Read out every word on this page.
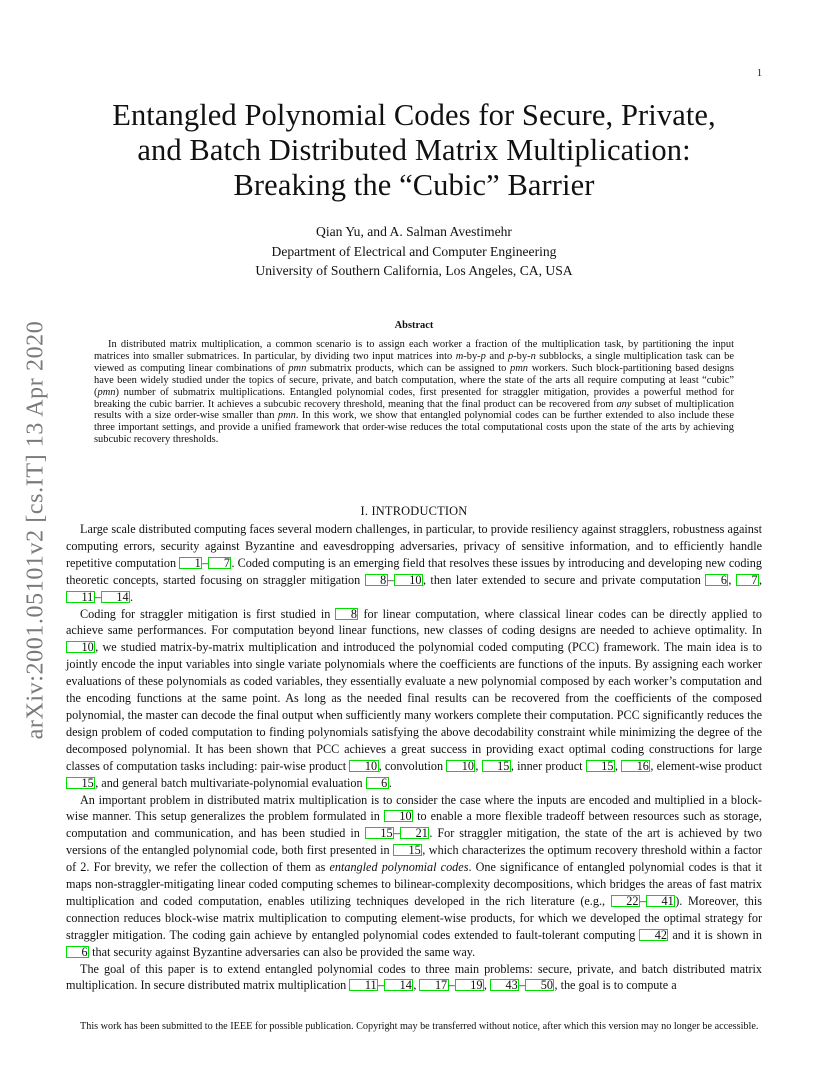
1
Entangled Polynomial Codes for Secure, Private,
and Batch Distributed Matrix Multiplication:
Breaking the “Cubic” Barrier
Qian Yu, and A. Salman Avestimehr
Department of Electrical and Computer Engineering
University of Southern California, Los Angeles, CA, USA
arXiv:2001.05101v2 [cs.IT] 13 Apr 2020	Abstract
In distributed matrix multiplication, a common scenario is to assign each worker a fraction of the multiplication task, by partitioning the input matrices into smaller submatrices. In particular, by dividing two input matrices into m-by-p and p-by-n subblocks, a single multiplication task can be viewed as computing linear combinations of pmn submatrix products, which can be assigned to pmn workers. Such block-partitioning based designs have been widely studied under the topics of secure, private, and batch computation, where the state of the arts all require computing at least “cubic” (pmn) number of submatrix multiplications. Entangled polynomial codes, first presented for straggler mitigation, provides a powerful method for breaking the cubic barrier. It achieves a subcubic recovery threshold, meaning that the final product can be recovered from any subset of multiplication results with a size order-wise smaller than pmn. In this work, we show that entangled polynomial codes can be further extended to also include these three important settings, and provide a unified framework that order-wise reduces the total computational costs upon the state of the arts by achieving subcubic recovery thresholds.
I. INTRODUCTION

Large scale distributed computing faces several modern challenges, in particular, to provide resiliency against stragglers, robustness against computing errors, security against Byzantine and eavesdropping adversaries, privacy of sensitive information, and to efficiently handle repetitive computation 1 – 7 . Coded computing is an emerging field that resolves these issues by introducing and developing new coding theoretic concepts, started focusing on straggler mitigation 8 – 10 , then later extended to secure and private computation 6 , 7 , 11 – 14 .

Coding for straggler mitigation is first studied in 8 for linear computation, where classical linear codes can be directly applied to achieve same performances. For computation beyond linear functions, new classes of coding designs are needed to achieve optimality. In 10 , we studied matrix-by-matrix multiplication and introduced the polynomial coded computing (PCC) framework. The main idea is to jointly encode the input variables into single variate polynomials where the coefficients are functions of the inputs. By assigning each worker evaluations of these polynomials as coded variables, they essentially evaluate a new polynomial composed by each worker’s computation and the encoding functions at the same point. As long as the needed final results can be recovered from the coefficients of the composed polynomial, the master can decode the final output when sufficiently many workers complete their computation. PCC significantly reduces the design problem of coded computation to finding polynomials satisfying the above decodability constraint while minimizing the degree of the decomposed polynomial. It has been shown that PCC achieves a great success in providing exact optimal coding constructions for large classes of computation tasks including: pair-wise product 10 , convolution 10 , 15 , inner product 15 , 16 , element-wise product 15 , and general batch multivariate-polynomial evaluation 6 .

An important problem in distributed matrix multiplication is to consider the case where the inputs are encoded and multiplied in a block-wise manner. This setup generalizes the problem formulated in 10 to enable a more flexible tradeoff between resources such as storage, computation and communication, and has been studied in 15 – 21 . For straggler mitigation, the state of the art is achieved by two versions of the entangled polynomial code, both first presented in 15 , which characterizes the optimum recovery threshold within a factor of 2. For brevity, we refer the collection of them as entangled polynomial codes. One significance of entangled polynomial codes is that it maps non-straggler-mitigating linear coded computing schemes to bilinear-complexity decompositions, which bridges the areas of fast matrix multiplication and coded computation, enables utilizing techniques developed in the rich literature (e.g., 22 – 41 ). Moreover, this connection reduces block-wise matrix multiplication to computing element-wise products, for which we developed the optimal strategy for straggler mitigation. The coding gain achieve by entangled polynomial codes extended to fault-tolerant computing 42 and it is shown in 6 that security against Byzantine adversaries can also be provided the same way.

The goal of this paper is to extend entangled polynomial codes to three main problems: secure, private, and batch distributed matrix multiplication. In secure distributed matrix multiplication 11 – 14 , 17 – 19 , 43 – 50 , the goal is to compute a

This work has been submitted to the IEEE for possible publication. Copyright may be transferred without notice, after which this version may no longer be accessible.
